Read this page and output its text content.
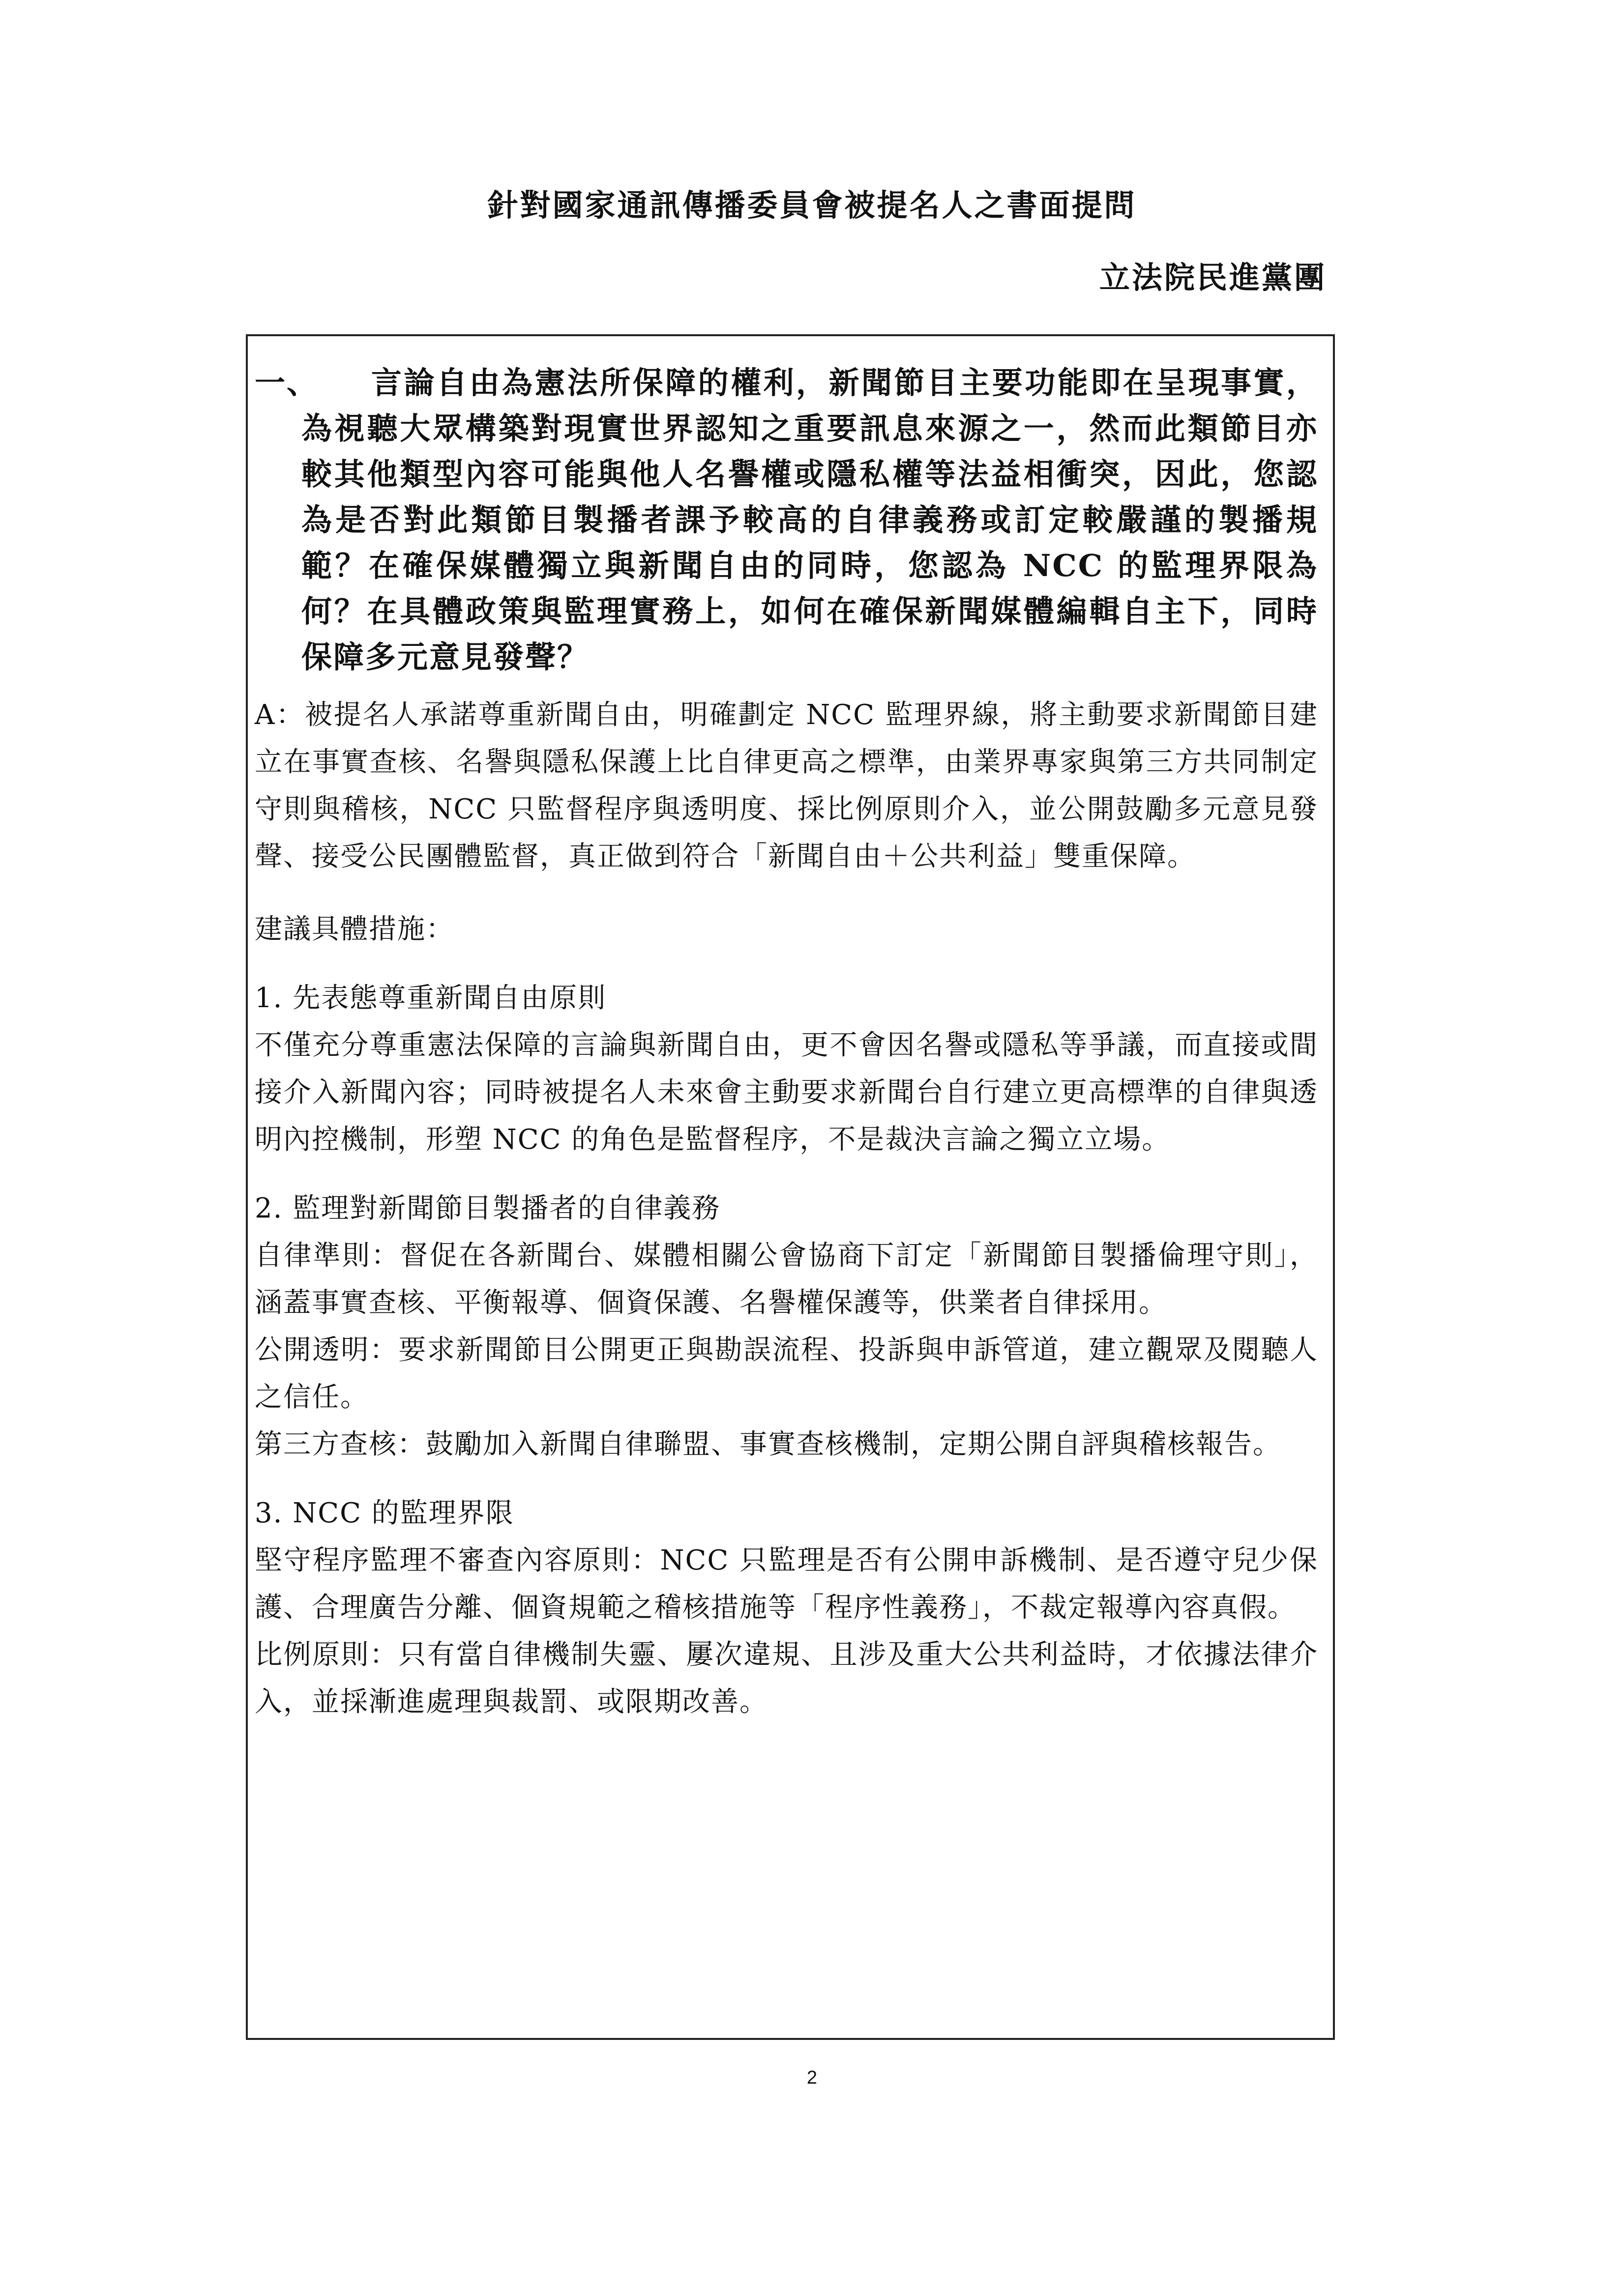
針對國家通訊傳播委員會被提名人之書面提問
立法院民進黨團

一、	言論自由為憲法所保障的權利，新聞節目主要功能即在呈現事實，為視聽大眾構築對現實世界認知之重要訊息來源之一，然而此類節目亦較其他類型內容可能與他人名譽權或隱私權等法益相衝突，因此，您認為是否對此類節目製播者課予較高的自律義務或訂定較嚴謹的製播規範？在確保媒體獨立與新聞自由的同時，您認為 NCC 的監理界限為何？在具體政策與監理實務上，如何在確保新聞媒體編輯自主下，同時保障多元意見發聲？

A：被提名人承諾尊重新聞自由，明確劃定 NCC 監理界線，將主動要求新聞節目建立在事實查核、名譽與隱私保護上比自律更高之標準，由業界專家與第三方共同制定守則與稽核，NCC 只監督程序與透明度、採比例原則介入，並公開鼓勵多元意見發聲、接受公民團體監督，真正做到符合「新聞自由＋公共利益」雙重保障。

建議具體措施：

1. 先表態尊重新聞自由原則
不僅充分尊重憲法保障的言論與新聞自由，更不會因名譽或隱私等爭議，而直接或間接介入新聞內容；同時被提名人未來會主動要求新聞台自行建立更高標準的自律與透明內控機制，形塑 NCC 的角色是監督程序，不是裁決言論之獨立立場。
2. 監理對新聞節目製播者的自律義務
自律準則：督促在各新聞台、媒體相關公會協商下訂定「新聞節目製播倫理守則」，涵蓋事實查核、平衡報導、個資保護、名譽權保護等，供業者自律採用。
公開透明：要求新聞節目公開更正與勘誤流程、投訴與申訴管道，建立觀眾及閱聽人之信任。
第三方查核：鼓勵加入新聞自律聯盟、事實查核機制，定期公開自評與稽核報告。
3. NCC 的監理界限
堅守程序監理不審查內容原則：NCC 只監理是否有公開申訴機制、是否遵守兒少保護、合理廣告分離、個資規範之稽核措施等「程序性義務」，不裁定報導內容真假。
比例原則：只有當自律機制失靈、屢次違規、且涉及重大公共利益時，才依據法律介入，並採漸進處理與裁罰、或限期改善。
2
